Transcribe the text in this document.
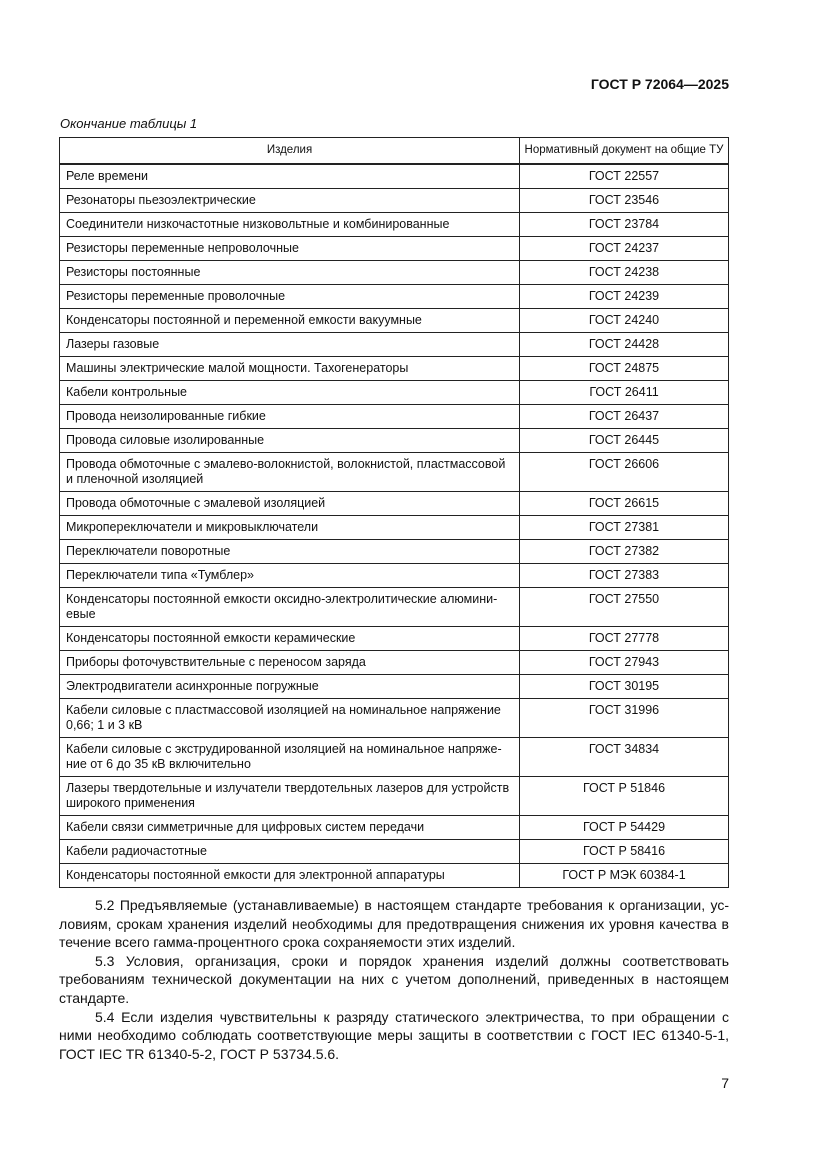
ГОСТ Р 72064—2025
Окончание таблицы 1
Изделия	Нормативный документ на общие ТУ
Реле времени	ГОСТ 22557
Резонаторы пьезоэлектрические	ГОСТ 23546
Соединители низкочастотные низковольтные и комбинированные	ГОСТ 23784
Резисторы переменные непроволочные	ГОСТ 24237
Резисторы постоянные	ГОСТ 24238
Резисторы переменные проволочные	ГОСТ 24239
Конденсаторы постоянной и переменной емкости вакуумные	ГОСТ 24240
Лазеры газовые	ГОСТ 24428
Машины электрические малой мощности. Тахогенераторы	ГОСТ 24875
Кабели контрольные	ГОСТ 26411
Провода неизолированные гибкие	ГОСТ 26437
Провода силовые изолированные	ГОСТ 26445
Провода обмоточные с эмалево-волокнистой, волокнистой, пластмассовой
и пленочной изоляцией	ГОСТ 26606
Провода обмоточные с эмалевой изоляцией	ГОСТ 26615
Микропереключатели и микровыключатели	ГОСТ 27381
Переключатели поворотные	ГОСТ 27382
Переключатели типа «Тумблер»	ГОСТ 27383
Конденсаторы постоянной емкости оксидно-электролитические алюмини-
евые	ГОСТ 27550
Конденсаторы постоянной емкости керамические	ГОСТ 27778
Приборы фоточувствительные с переносом заряда	ГОСТ 27943
Электродвигатели асинхронные погружные	ГОСТ 30195
Кабели силовые с пластмассовой изоляцией на номинальное напряжение
0,66; 1 и 3 кВ	ГОСТ 31996
Кабели силовые с экструдированной изоляцией на номинальное напряже-
ние от 6 до 35 кВ включительно	ГОСТ 34834
Лазеры твердотельные и излучатели твердотельных лазеров для устройств
широкого применения	ГОСТ Р 51846
Кабели связи симметричные для цифровых систем передачи	ГОСТ Р 54429
Кабели радиочастотные	ГОСТ Р 58416
Конденсаторы постоянной емкости для электронной аппаратуры	ГОСТ Р МЭК 60384-1

5.2 Предъявляемые (устанавливаемые) в настоящем стандарте требования к организации, условиям, срокам хранения изделий необходимы для предотвращения снижения их уровня качества в течение всего гамма-процентного срока сохраняемости этих изделий.

5.3 Условия, организация, сроки и порядок хранения изделий должны соответствовать требованиям технической документации на них с учетом дополнений, приведенных в настоящем стандарте.

5.4 Если изделия чувствительны к разряду статического электричества, то при обращении с ними необходимо соблюдать соответствующие меры защиты в соответствии с ГОСТ IEC 61340-5-1, ГОСТ IEC TR 61340-5-2, ГОСТ Р 53734.5.6.

7
